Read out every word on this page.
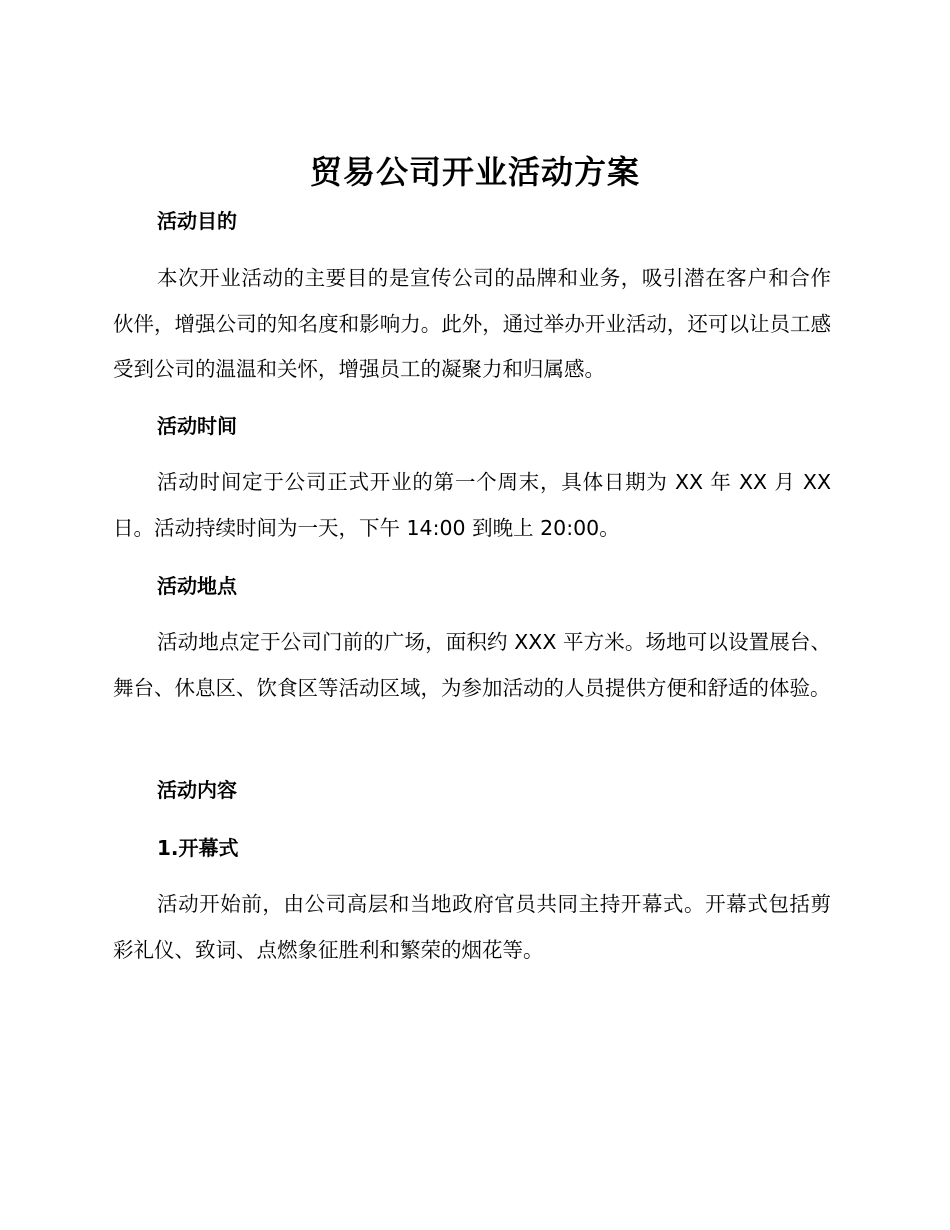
贸易公司开业活动方案
活动目的

本次开业活动的主要目的是宣传公司的品牌和业务，吸引潜在客户和合作伙伴，增强公司的知名度和影响力。此外，通过举办开业活动，还可以让员工感受到公司的温温和关怀，增强员工的凝聚力和归属感。

活动时间

活动时间定于公司正式开业的第一个周末，具体日期为 XX 年 XX 月 XX 日。活动持续时间为一天，下午 14:00 到晚上 20:00。

活动地点

活动地点定于公司门前的广场，面积约 XXX 平方米。场地可以设置展台、舞台、休息区、饮食区等活动区域，为参加活动的人员提供方便和舒适的体验。

活动内容
1.开幕式

活动开始前，由公司高层和当地政府官员共同主持开幕式。开幕式包括剪彩礼仪、致词、点燃象征胜利和繁荣的烟花等。
